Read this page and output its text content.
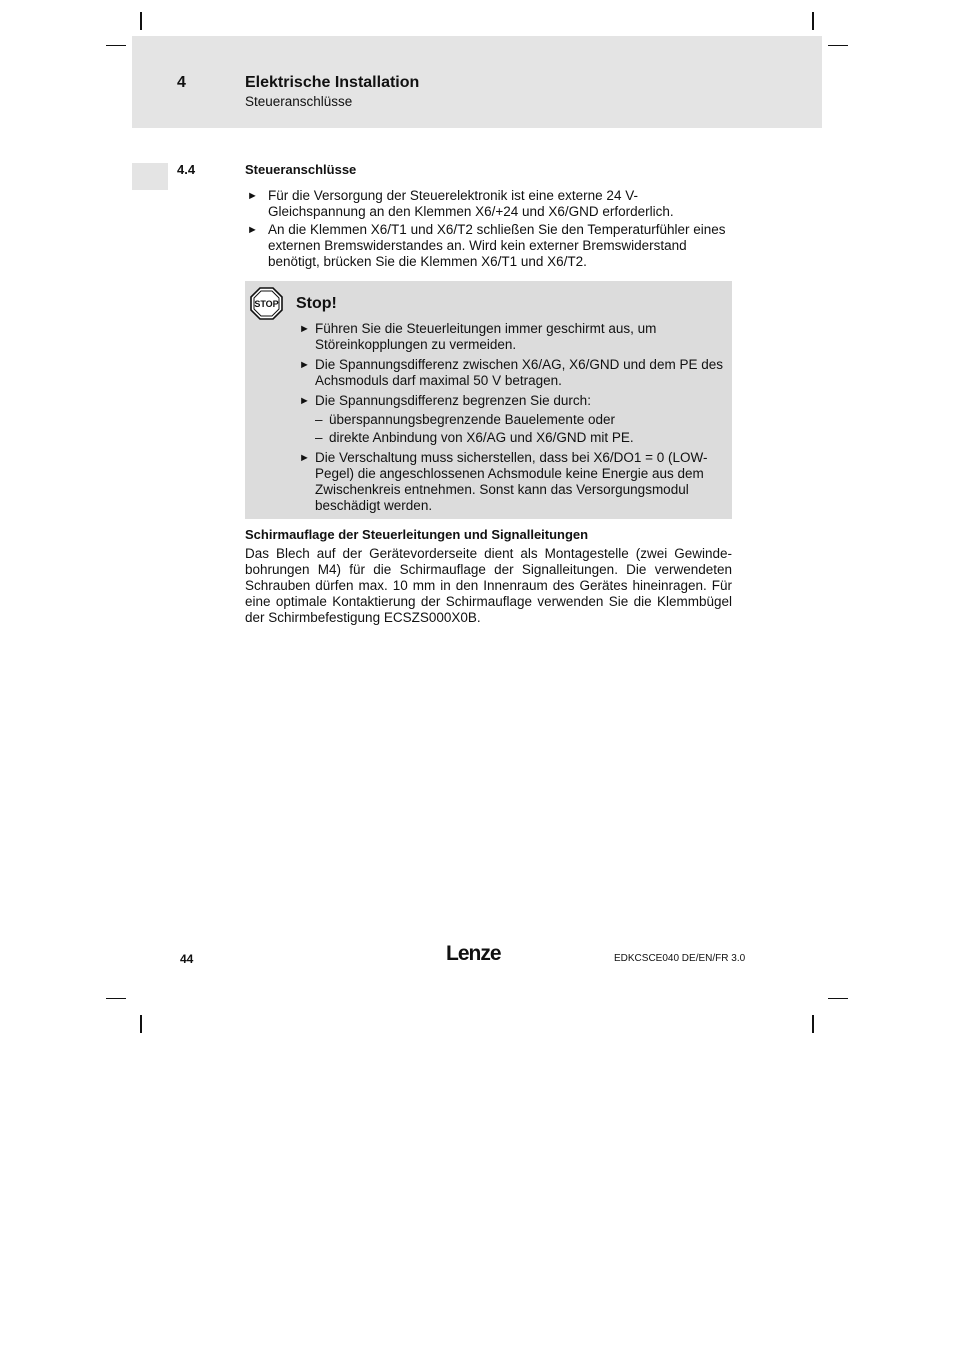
4	Elektrische Installation
Steueranschlüsse
4.4	Steueranschlüsse
► Für die Versorgung der Steuerelektronik ist eine externe 24 V-Gleichspannung an den Klemmen X6/+24 und X6/GND erforderlich.
► An die Klemmen X6/T1 und X6/T2 schließen Sie den Temperaturfühler eines externen Bremswiderstandes an. Wird kein externer Bremswiderstand benötigt, brücken Sie die Klemmen X6/T1 und X6/T2.
STOP Stop!
► Führen Sie die Steuerleitungen immer geschirmt aus, um Störeinkopplungen zu vermeiden.
► Die Spannungsdifferenz zwischen X6/AG, X6/GND und dem PE des Achsmoduls darf maximal 50 V betragen.
► Die Spannungsdifferenz begrenzen Sie durch:
– überspannungsbegrenzende Bauelemente oder
– direkte Anbindung von X6/AG und X6/GND mit PE.
► Die Verschaltung muss sicherstellen, dass bei X6/DO1 = 0 (LOW-Pegel) die angeschlossenen Achsmodule keine Energie aus dem Zwischenkreis entnehmen. Sonst kann das Versorgungsmodul beschädigt werden.
Schirmauflage der Steuerleitungen und Signalleitungen
Das Blech auf der Gerätevorderseite dient als Montagestelle (zwei Gewindebohrungen M4) für die Schirmauflage der Signalleitungen. Die verwendeten Schrauben dürfen max. 10 mm in den Innenraum des Gerätes hineinragen. Für eine optimale Kontaktierung der Schirmauflage verwenden Sie die Klemmbügel der Schirmbefestigung ECSZS000X0B.
44	Lenze	EDKCSCE040 DE/EN/FR 3.0
